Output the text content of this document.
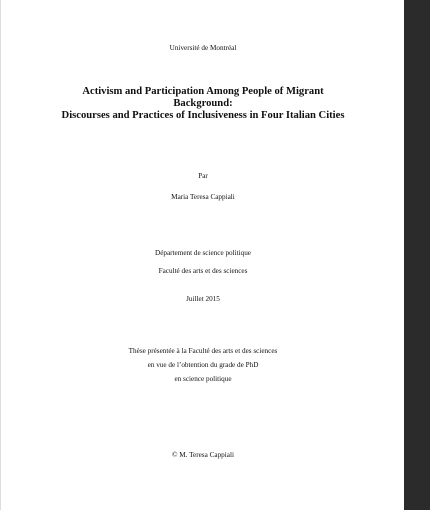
Université de Montréal
Activism and Participation Among People of Migrant
Background:
Discourses and Practices of Inclusiveness in Four Italian Cities
Par
Maria Teresa Cappiali
Département de science politique
Faculté des arts et des sciences
Juillet 2015
Thèse présentée à la Faculté des arts et des sciences
en vue de l’obtention du grade de PhD
en science politique
© M. Teresa Cappiali
